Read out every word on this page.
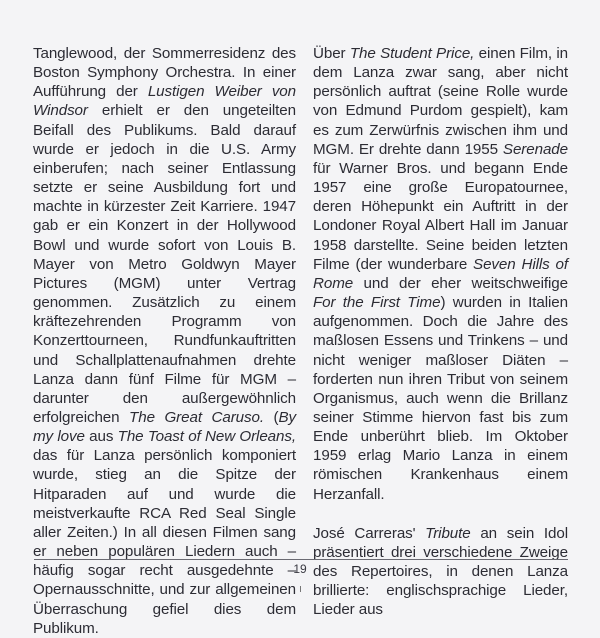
Tanglewood, der Sommerresidenz des Boston Symphony Orchestra. In einer Aufführung der Lustigen Weiber von Windsor erhielt er den ungeteilten Beifall des Publikums. Bald darauf wurde er jedoch in die U.S. Army einberufen; nach seiner Entlassung setzte er seine Ausbildung fort und machte in kürzester Zeit Karriere. 1947 gab er ein Konzert in der Hollywood Bowl und wurde sofort von Louis B. Mayer von Metro Goldwyn Mayer Pictures (MGM) unter Vertrag genommen. Zusätzlich zu einem kräftezehrenden Programm von Konzerttourneen, Rundfunkauftritten und Schallplattenaufnahmen drehte Lanza dann fünf Filme für MGM – darunter den außergewöhnlich erfolgreichen The Great Caruso. (By my love aus The Toast of New Orleans, das für Lanza persönlich komponiert wurde, stieg an die Spitze der Hitparaden auf und wurde die meistverkaufte RCA Red Seal Single aller Zeiten.) In all diesen Filmen sang er neben populären Liedern auch – häufig sogar recht ausgedehnte – Opernausschnitte, und zur allgemeinen Überraschung gefiel dies dem Publikum.

Über The Student Price, einen Film, in dem Lanza zwar sang, aber nicht persönlich auftrat (seine Rolle wurde von Edmund Purdom gespielt), kam es zum Zerwürfnis zwischen ihm und MGM. Er drehte dann 1955 Serenade für Warner Bros. und begann Ende 1957 eine große Europatournee, deren Höhepunkt ein Auftritt in der Londoner Royal Albert Hall im Januar 1958 darstellte. Seine beiden letzten Filme (der wunderbare Seven Hills of Rome und der eher weitschweifige For the First Time) wurden in Italien aufgenommen. Doch die Jahre des maßlosen Essens und Trinkens – und nicht weniger maßloser Diäten – forderten nun ihren Tribut von seinem Organismus, auch wenn die Brillanz seiner Stimme hiervon fast bis zum Ende unberührt blieb. Im Oktober 1959 erlag Mario Lanza in einem römischen Krankenhaus einem Herzanfall.

José Carreras' Tribute an sein Idol präsentiert drei verschiedene Zweige des Repertoires, in denen Lanza brillierte: englischsprachige Lieder, Lieder aus

19
